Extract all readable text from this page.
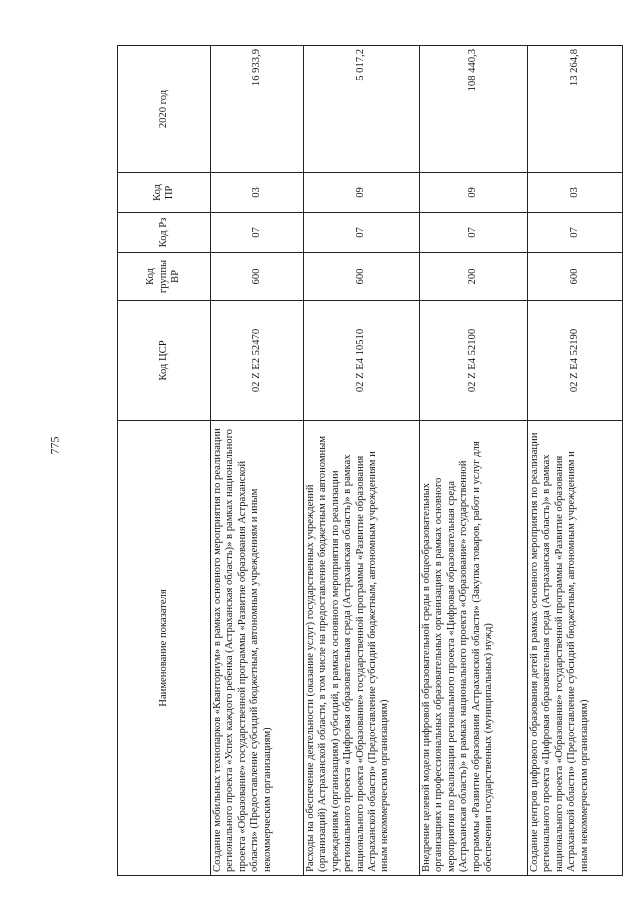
775
Наименование показателя	Код ЦСР	Код группы ВР	Код Рз	Код ПР	2020 год
Создание мобильных технопарков «Кванториум» в рамках основного мероприятия по реализации регионального проекта «Успех каждого ребенка (Астраханская область)» в рамках национального проекта «Образование» государственной программы «Развитие образования Астраханской области» (Предоставление субсидий бюджетным, автономным учреждениям и иным некоммерческим организациям)	02 Z E2 52470	600	07	03	16 933,9
Расходы на обеспечение деятельности (оказание услуг) государственных учреждений (организаций) Астраханской области, в том числе на предоставление бюджетным и автономным учреждениям (организациям) субсидий, в рамках основного мероприятия по реализации регионального проекта «Цифровая образовательная среда (Астраханская область)» в рамках национального проекта «Образование» государственной программы «Развитие образования Астраханской области» (Предоставление субсидий бюджетным, автономным учреждениям и иным некоммерческим организациям)	02 Z E4 10510	600	07	09	5 017,2
Внедрение целевой модели цифровой образовательной среды в общеобразовательных организациях и профессиональных образовательных организациях в рамках основного мероприятия по реализации регионального проекта «Цифровая образовательная среда (Астраханская область)» в рамках национального проекта «Образование» государственной программы «Развитие образования Астраханской области» (Закупка товаров, работ и услуг для обеспечения государственных (муниципальных) нужд)	02 Z E4 52100	200	07	09	108 440,3
Создание центров цифрового образования детей в рамках основного мероприятия по реализации регионального проекта «Цифровая образовательная среда (Астраханская область)» в рамках национального проекта «Образование» государственной программы «Развитие образования Астраханской области» (Предоставление субсидий бюджетным, автономным учреждениям и иным некоммерческим организациям)	02 Z E4 52190	600	07	03	13 264,8
